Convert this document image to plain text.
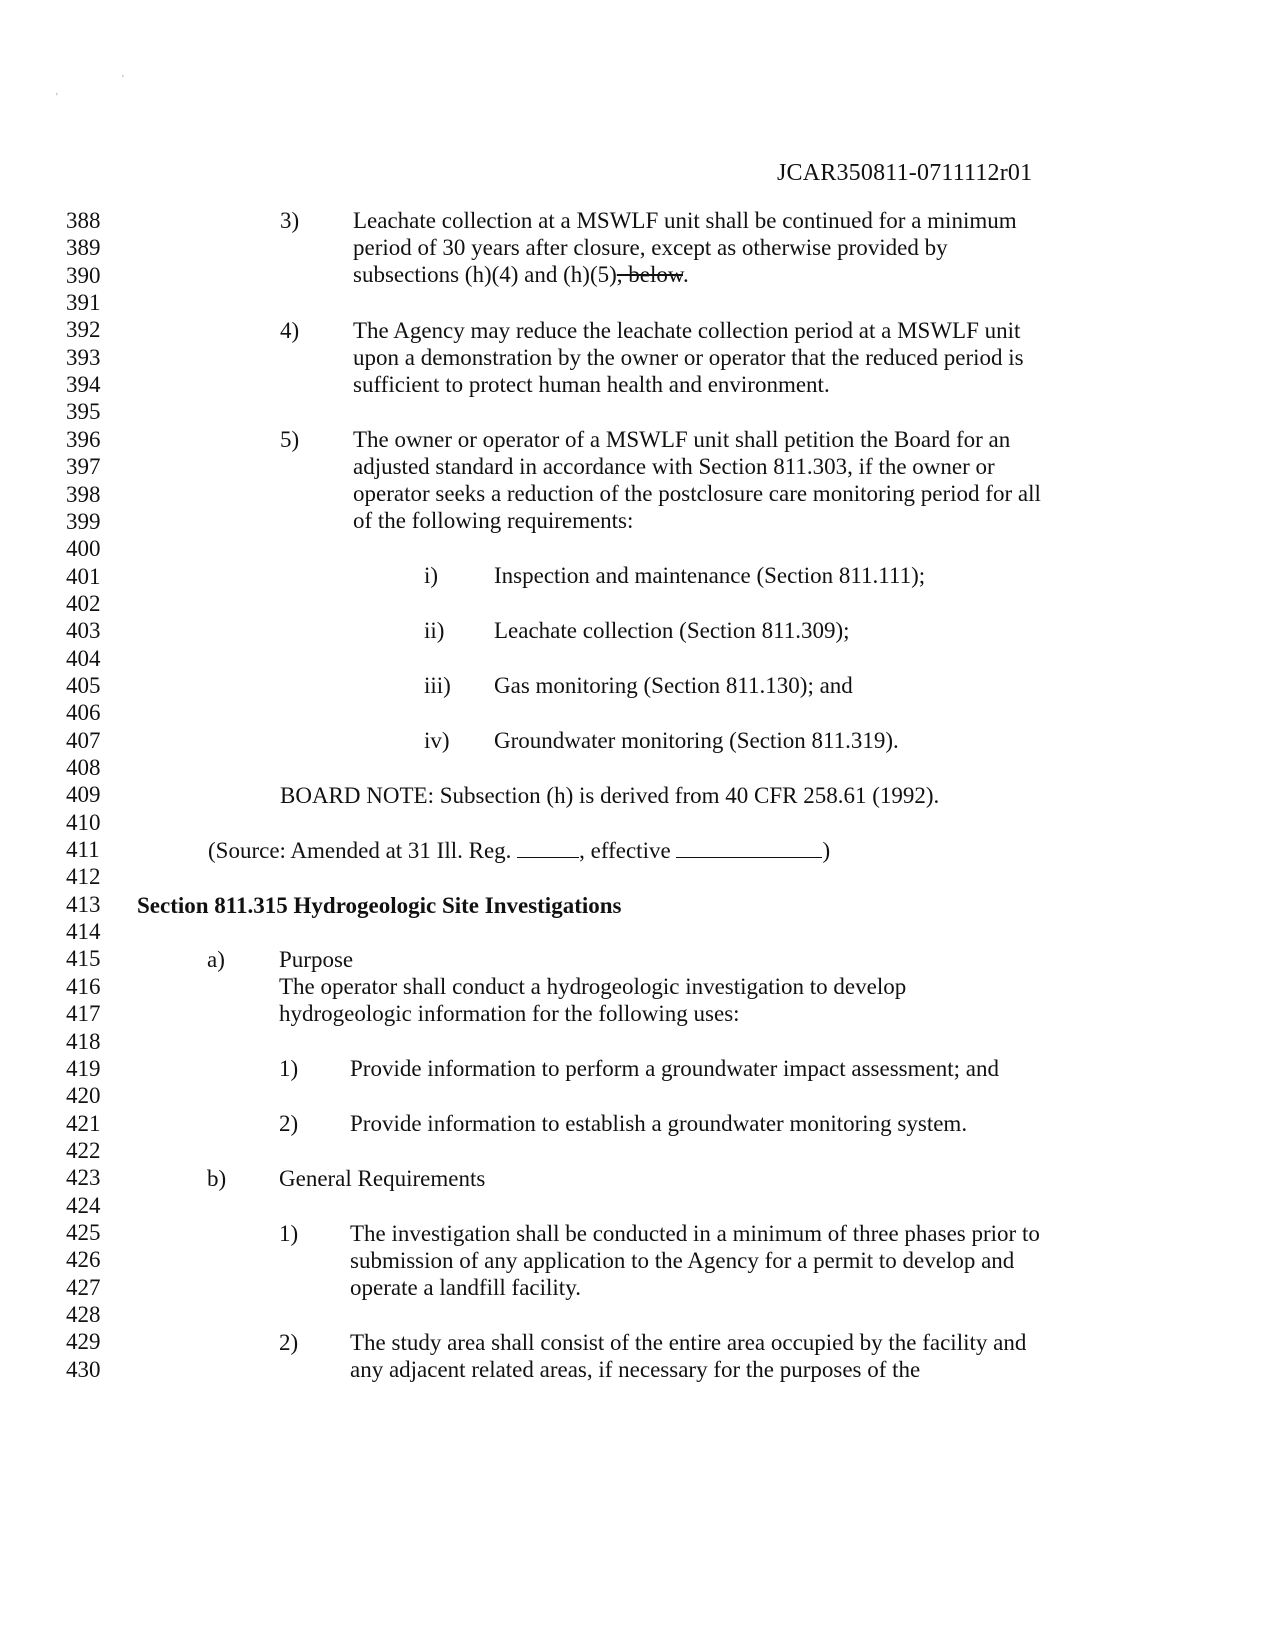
'
'
JCAR350811-0711112r01
388
389
390
391
392
393
394
395
396
397
398
399
400
401
402
403
404
405
406
407
408
409
410
411
412
413
414
415
416
417
418
419
420
421
422
423
424
425
426
427
428
429
430
3) Leachate collection at a MSWLF unit shall be continued for a minimum
period of 30 years after closure, except as otherwise provided by
subsections (h)(4) and (h)(5), below.
4) The Agency may reduce the leachate collection period at a MSWLF unit
upon a demonstration by the owner or operator that the reduced period is
sufficient to protect human health and environment.
5) The owner or operator of a MSWLF unit shall petition the Board for an
adjusted standard in accordance with Section 811.303, if the owner or
operator seeks a reduction of the postclosure care monitoring period for all
of the following requirements:
i) Inspection and maintenance (Section 811.111);
ii) Leachate collection (Section 811.309);
iii) Gas monitoring (Section 811.130); and
iv) Groundwater monitoring (Section 811.319).
BOARD NOTE: Subsection (h) is derived from 40 CFR 258.61 (1992).
(Source: Amended at 31 Ill. Reg.	, effective	)
Section 811.315 Hydrogeologic Site Investigations
a) Purpose
The operator shall conduct a hydrogeologic investigation to develop
hydrogeologic information for the following uses:
1) Provide information to perform a groundwater impact assessment; and
2) Provide information to establish a groundwater monitoring system.
b) General Requirements
1) The investigation shall be conducted in a minimum of three phases prior to
submission of any application to the Agency for a permit to develop and
operate a landfill facility.
2) The study area shall consist of the entire area occupied by the facility and
any adjacent related areas, if necessary for the purposes of the
